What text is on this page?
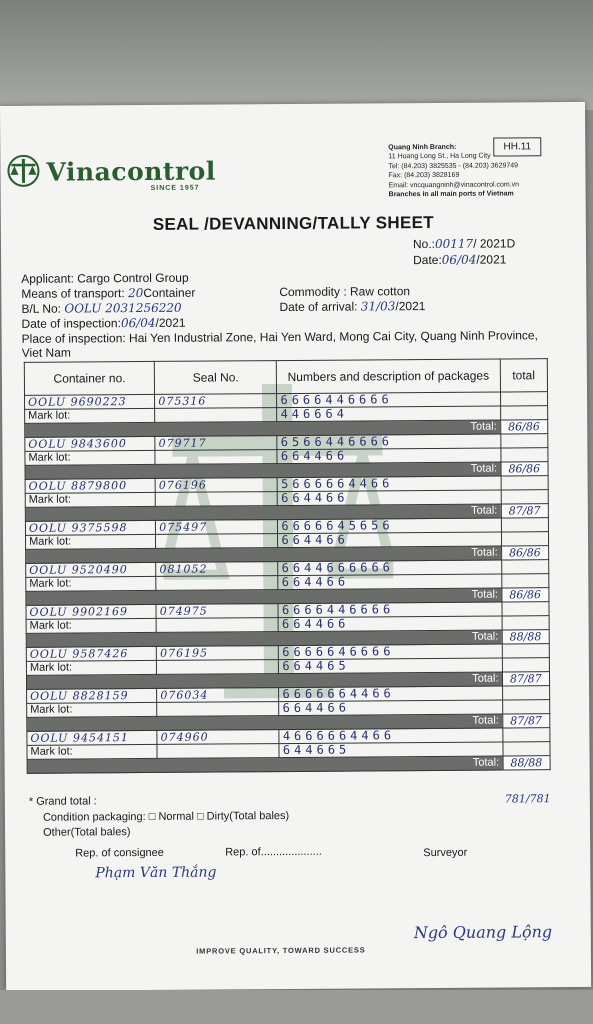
Vinacontrol
SINCE 1957
HH.11
Quang Ninh Branch:
11 Hoang Long St., Ha Long City
Tel: (84.203) 3825535 - (84.203) 3629749
Fax: (84.203) 3828169
Email: vncquangninh@vinacontrol.com.vn
Branches in all main ports of Vietnam
SEAL /DEVANNING/TALLY SHEET
No.:00117/ 2021D
Date:06/04/2021
Applicant: Cargo Control Group
Means of transport: 20Container	Commodity : Raw cotton
B/L No: OOLU 2031256220	Date of arrival: 31/03/2021
Date of inspection:06/04/2021
Place of inspection: Hai Yen Industrial Zone, Hai Yen Ward, Mong Cai City, Quang Ninh Province, Viet Nam
Container no.	Seal No.	Numbers and description of packages	total
OOLU 9690223	075316	6666446666	
Mark lot:		446664	
Total:			86/86
OOLU 9843600	079717	6566446666	
Mark lot:		664466	
Total:			86/86
OOLU 8879800	076196	5666664466	
Mark lot:		664466	
Total:			87/87
OOLU 9375598	075497	6666645656	
Mark lot:		664466	
Total:			86/86
OOLU 9520490	081052	6644666666	
Mark lot:		664466	
Total:			86/86
OOLU 9902169	074975	6666446666	
Mark lot:		664466	
Total:			88/88
OOLU 9587426	076195	6666646666	
Mark lot:		664465	
Total:			87/87
OOLU 8828159	076034	6666664466	
Mark lot:		664466	
Total:			87/87
OOLU 9454151	074960	4666664466	
Mark lot:		644665	
Total:			88/88
* Grand total :	781/781
Condition packaging: □ Normal □ Dirty(Total bales)
Other(Total bales)
Rep. of consignee	Rep. of....................	Surveyor
Phạm Văn Thắng
Ngô Quang Lộng
IMPROVE QUALITY, TOWARD SUCCESS
